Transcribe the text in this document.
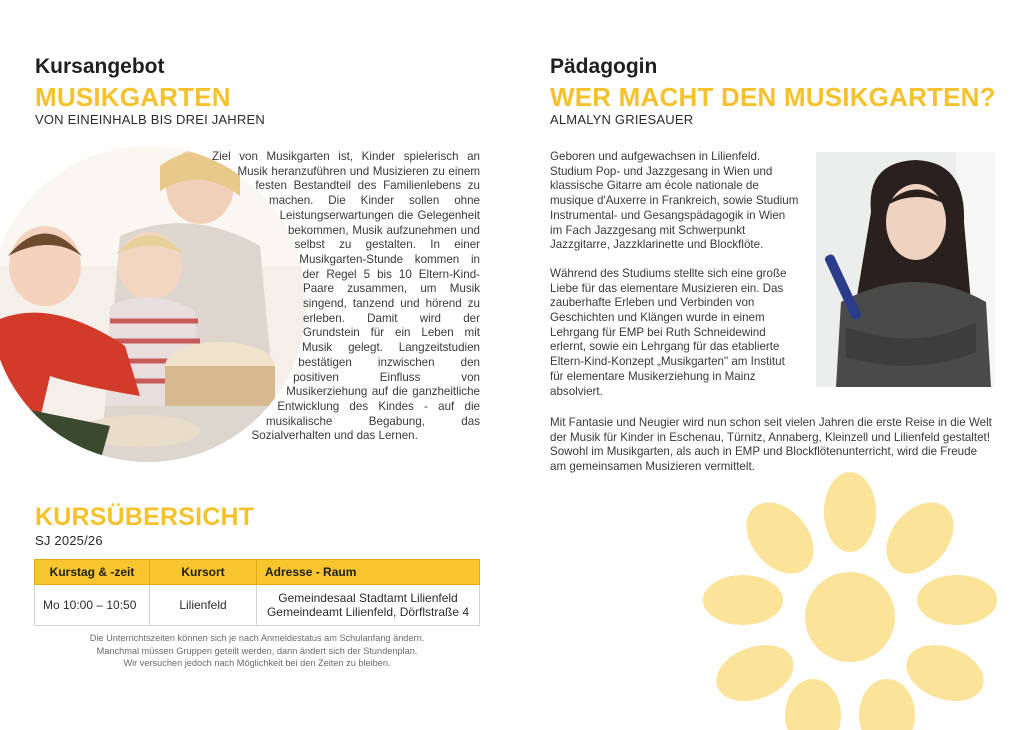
Kursangebot
MUSIKGARTEN
VON EINEINHALB BIS DREI JAHREN
Ziel von Musikgarten ist, Kinder spielerisch an Musik heranzuführen und Musizieren zu einem festen Bestandteil des Familienlebens zu machen. Die Kinder sollen ohne Leistungserwartungen die Gelegenheit bekommen, Musik aufzunehmen und selbst zu gestalten. In einer Musikgarten-Stunde kommen in der Regel 5 bis 10 Eltern-Kind-Paare zusammen, um Musik singend, tanzend und hörend zu erleben. Damit wird der Grundstein für ein Leben mit Musik gelegt. Langzeitstudien bestätigen inzwischen den positiven Einfluss von Musikerziehung auf die ganzheitliche Entwicklung des Kindes - auf die musikalische Begabung, das Sozialverhalten und das Lernen.
KURSÜBERSICHT
SJ 2025/26
Kurstag & -zeit	Kursort	Adresse - Raum
Mo 10:00 – 10:50	Lilienfeld	Gemeindesaal Stadtamt Lilienfeld
Gemeindeamt Lilienfeld, Dörflstraße 4
Die Unterrichtszeiten können sich je nach Anmeldestatus am Schulanfang ändern.
Manchmal müssen Gruppen geteilt werden, dann ändert sich der Stundenplan.
Wir versuchen jedoch nach Möglichkeit bei den Zeiten zu bleiben.
Pädagogin
WER MACHT DEN MUSIKGARTEN?
ALMALYN GRIESAUER
Geboren und aufgewachsen in Lilienfeld. Studium Pop- und Jazzgesang in Wien und klassische Gitarre am école nationale de musique d'Auxerre in Frankreich, sowie Studium Instrumental- und Gesangspädagogik in Wien im Fach Jazzgesang mit Schwerpunkt Jazzgitarre, Jazzklarinette und Blockflöte.
Während des Studiums stellte sich eine große Liebe für das elementare Musizieren ein. Das zauberhafte Erleben und Verbinden von Geschichten und Klängen wurde in einem Lehrgang für EMP bei Ruth Schneidewind erlernt, sowie ein Lehrgang für das etablierte Eltern-Kind-Konzept „Musikgarten" am Institut für elementare Musikerziehung in Mainz absolviert.
Mit Fantasie und Neugier wird nun schon seit vielen Jahren die erste Reise in die Welt der Musik für Kinder in Eschenau, Türnitz, Annaberg, Kleinzell und Lilienfeld gestaltet! Sowohl im Musikgarten, als auch in EMP und Blockflötenunterricht, wird die Freude am gemeinsamen Musizieren vermittelt.
